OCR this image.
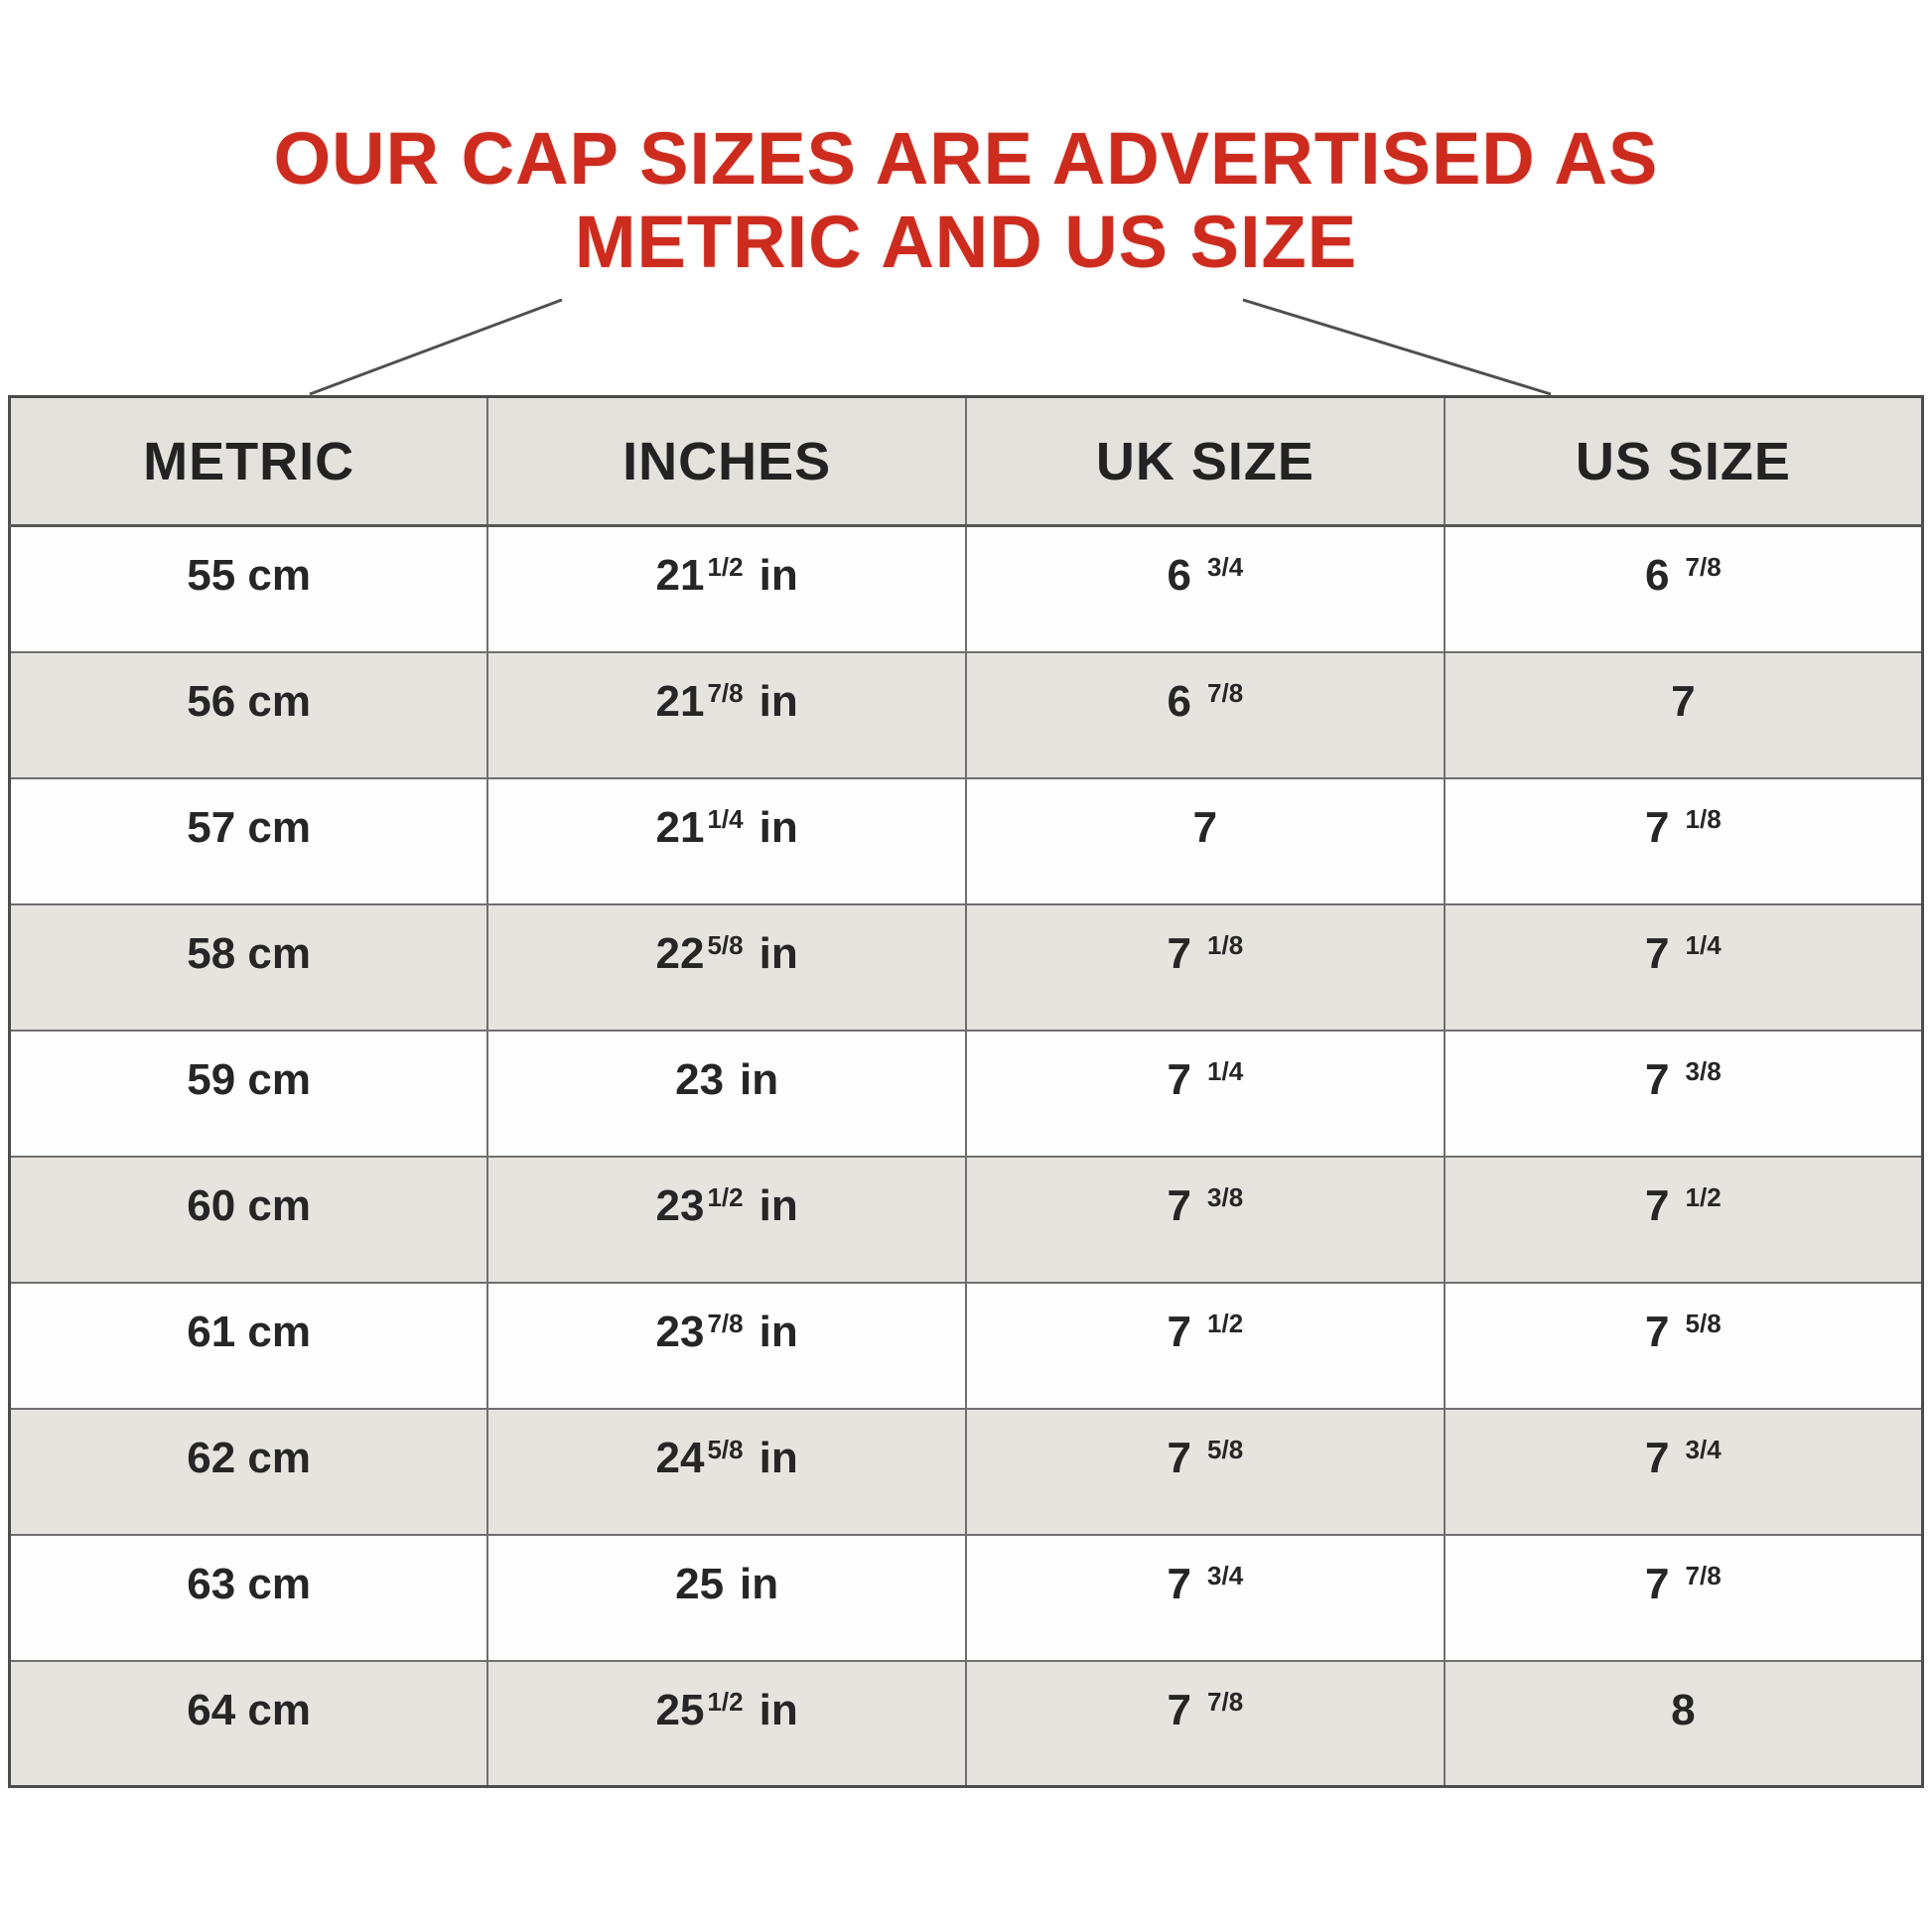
OUR CAP SIZES ARE ADVERTISED AS
METRIC AND US SIZE
METRIC	INCHES	UK SIZE	US SIZE
55 cm	21 $^{1/2}$ in	6 $^{3/4}$	6 $^{7/8}$
56 cm	21 $^{7/8}$ in	6 $^{7/8}$	7
57 cm	21 $^{1/4}$ in	7	7 $^{1/8}$
58 cm	22 $^{5/8}$ in	7 $^{1/8}$	7 $^{1/4}$
59 cm	23 in	7 $^{1/4}$	7 $^{3/8}$
60 cm	23 $^{1/2}$ in	7 $^{3/8}$	7 $^{1/2}$
61 cm	23 $^{7/8}$ in	7 $^{1/2}$	7 $^{5/8}$
62 cm	24 $^{5/8}$ in	7 $^{5/8}$	7 $^{3/4}$
63 cm	25 in	7 $^{3/4}$	7 $^{7/8}$
64 cm	25 $^{1/2}$ in	7 $^{7/8}$	8
